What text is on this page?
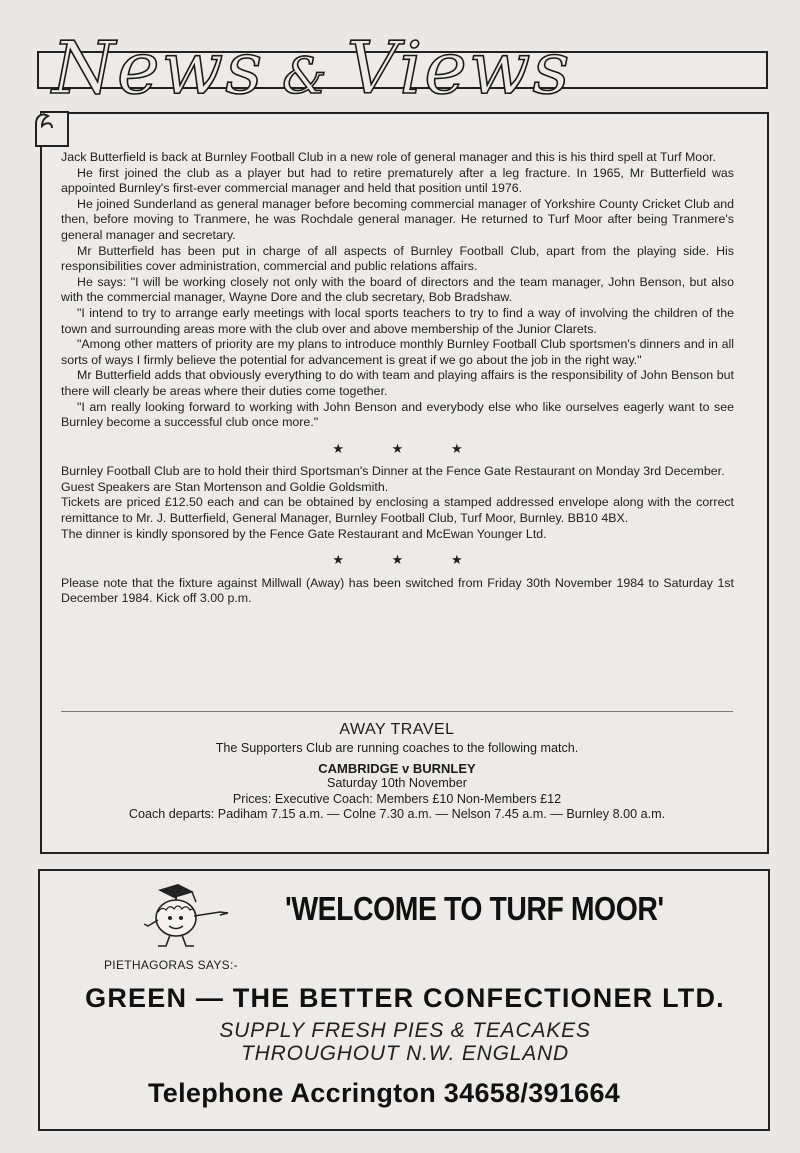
News & Views

Jack Butterfield is back at Burnley Football Club in a new role of general manager and this is his third spell at Turf Moor.

He first joined the club as a player but had to retire prematurely after a leg fracture. In 1965, Mr Butterfield was appointed Burnley's first-ever commercial manager and held that position until 1976.

He joined Sunderland as general manager before becoming commercial manager of Yorkshire County Cricket Club and then, before moving to Tranmere, he was Rochdale general manager. He returned to Turf Moor after being Tranmere's general manager and secretary.

Mr Butterfield has been put in charge of all aspects of Burnley Football Club, apart from the playing side. His responsibilities cover administration, commercial and public relations affairs.

He says: "I will be working closely not only with the board of directors and the team manager, John Benson, but also with the commercial manager, Wayne Dore and the club secretary, Bob Bradshaw.

"I intend to try to arrange early meetings with local sports teachers to try to find a way of involving the children of the town and surrounding areas more with the club over and above membership of the Junior Clarets.

"Among other matters of priority are my plans to introduce monthly Burnley Football Club sportsmen's dinners and in all sorts of ways I firmly believe the potential for advancement is great if we go about the job in the right way."

Mr Butterfield adds that obviously everything to do with team and playing affairs is the responsibility of John Benson but there will clearly be areas where their duties come together.

"I am really looking forward to working with John Benson and everybody else who like ourselves eagerly want to see Burnley become a successful club once more."

★ ★ ★

Burnley Football Club are to hold their third Sportsman's Dinner at the Fence Gate Restaurant on Monday 3rd December.

Guest Speakers are Stan Mortenson and Goldie Goldsmith.

Tickets are priced £12.50 each and can be obtained by enclosing a stamped addressed envelope along with the correct remittance to Mr. J. Butterfield, General Manager, Burnley Football Club, Turf Moor, Burnley. BB10 4BX.

The dinner is kindly sponsored by the Fence Gate Restaurant and McEwan Younger Ltd.

★ ★ ★

Please note that the fixture against Millwall (Away) has been switched from Friday 30th November 1984 to Saturday 1st December 1984. Kick off 3.00 p.m.

AWAY TRAVEL
The Supporters Club are running coaches to the following match.
CAMBRIDGE v BURNLEY
Saturday 10th November
Prices: Executive Coach: Members £10 Non-Members £12
Coach departs: Padiham 7.15 a.m. — Colne 7.30 a.m. — Nelson 7.45 a.m. — Burnley 8.00 a.m.
'WELCOME TO TURF MOOR'
PIETHAGORAS SAYS:-
GREEN — THE BETTER CONFECTIONER LTD.
SUPPLY FRESH PIES & TEACAKES
THROUGHOUT N.W. ENGLAND
Telephone Accrington 34658/391664
